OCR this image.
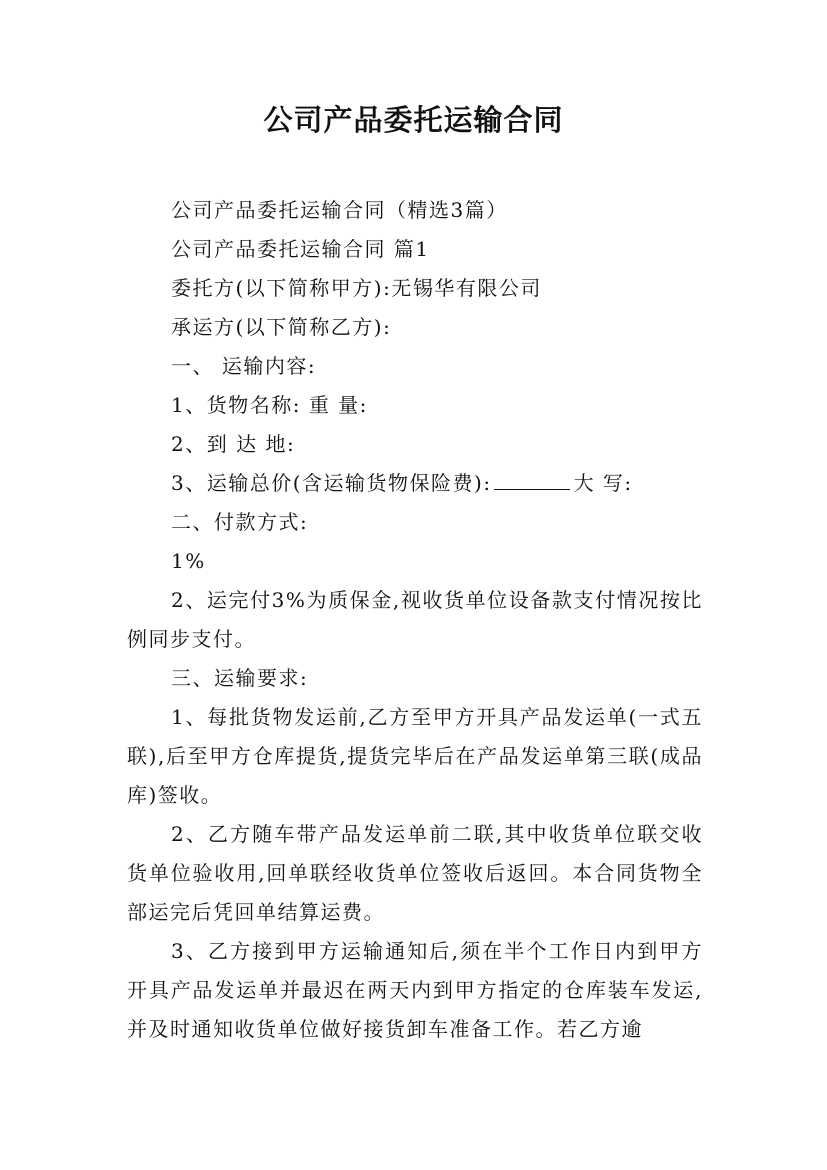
公司产品委托运输合同

公司产品委托运输合同（精选3篇）

公司产品委托运输合同 篇1

委托方(以下简称甲方):无锡华有限公司

承运方(以下简称乙方):

一、 运输内容:

1、货物名称: 重 量:

2、到 达 地:

3、运输总价(含运输货物保险费):	大 写:

二、付款方式:

1%

2、运完付3%为质保金,视收货单位设备款支付情况按比例同步支付。

三、运输要求:

1、每批货物发运前,乙方至甲方开具产品发运单(一式五联),后至甲方仓库提货,提货完毕后在产品发运单第三联(成品库)签收。

2、乙方随车带产品发运单前二联,其中收货单位联交收货单位验收用,回单联经收货单位签收后返回。本合同货物全部运完后凭回单结算运费。

3、乙方接到甲方运输通知后,须在半个工作日内到甲方开具产品发运单并最迟在两天内到甲方指定的仓库装车发运,并及时通知收货单位做好接货卸车准备工作。若乙方逾
